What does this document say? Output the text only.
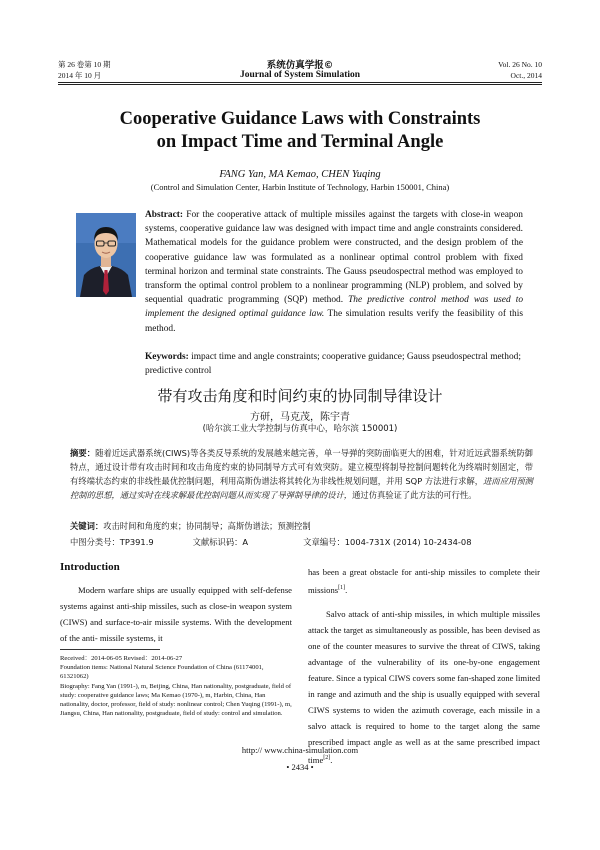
第 26 卷第 10 期
2014 年 10 月
系统仿真学报©
Journal of System Simulation
Vol. 26 No. 10
Oct., 2014
Cooperative Guidance Laws with Constraints
on Impact Time and Terminal Angle
FANG Yan, MA Kemao, CHEN Yuqing
(Control and Simulation Center, Harbin Institute of Technology, Harbin 150001, China)
Abstract: For the cooperative attack of multiple missiles against the targets with close-in weapon systems, cooperative guidance law was designed with impact time and angle constraints considered. Mathematical models for the guidance problem were constructed, and the design problem of the cooperative guidance law was formulated as a nonlinear optimal control problem with fixed terminal horizon and terminal state constraints. The Gauss pseudospectral method was employed to transform the optimal control problem to a nonlinear programming (NLP) problem, and solved by sequential quadratic programming (SQP) method. The predictive control method was used to implement the designed optimal guidance law. The simulation results verify the feasibility of this method.
Keywords: impact time and angle constraints; cooperative guidance; Gauss pseudospectral method; predictive control
带有攻击角度和时间约束的协同制导律设计
方研，马克茂，陈宇青
(哈尔滨工业大学控制与仿真中心，哈尔滨 150001)
摘要：随着近远武器系统(CIWS)等各类反导系统的发展越来越完善，单一导弹的突防面临更大的困难，针对近远武器系统防御特点，通过设计带有攻击时间和攻击角度约束的协同制导方式可有效突防。建立模型将制导控制问题转化为终端时刻固定，带有终端状态约束的非线性最优控制问题，利用高斯伪谱法将其转化为非线性规划问题，并用 SQP 方法进行求解，进而应用预测控制的思想，通过实时在线求解最优控制问题从而实现了导弹制导律的设计，通过仿真验证了此方法的可行性。
关键词：攻击时间和角度约束；协同制导；高斯伪谱法；预测控制
中图分类号：TP391.9	文献标识码：A	文章编号：1004-731X (2014) 10-2434-08
Introduction

Modern warfare ships are usually equipped with self-defense systems against anti-ship missiles, such as close-in weapon system (CIWS) and surface-to-air missile systems. With the development of the anti- missile systems, it

Received：2014-06-05 Revised：2014-06-27

Foundation items: National Natural Science Foundation of China (61174001, 61321062)

Biography: Fang Yan (1991-), m, Beijing, China, Han nationality, postgraduate, field of study: cooperative guidance laws; Ma Kemao (1970-), m, Harbin, China, Han nationality, doctor, professor, field of study: nonlinear control; Chen Yuqing (1991-), m, Jiangsu, China, Han nationality, postgraduate, field of study: control and simulation.

has been a great obstacle for anti-ship missiles to complete their missions[1].

Salvo attack of anti-ship missiles, in which multiple missiles attack the target as simultaneously as possible, has been devised as one of the counter measures to survive the threat of CIWS, taking advantage of the vulnerability of its one-by-one engagement feature. Since a typical CIWS covers some fan-shaped zone limited in range and azimuth and the ship is usually equipped with several CIWS systems to widen the azimuth coverage, each missile in a salvo attack is required to home to the target along the same prescribed impact angle as well as at the same prescribed impact time[2].

http:// www.china-simulation.com
• 2434 •
